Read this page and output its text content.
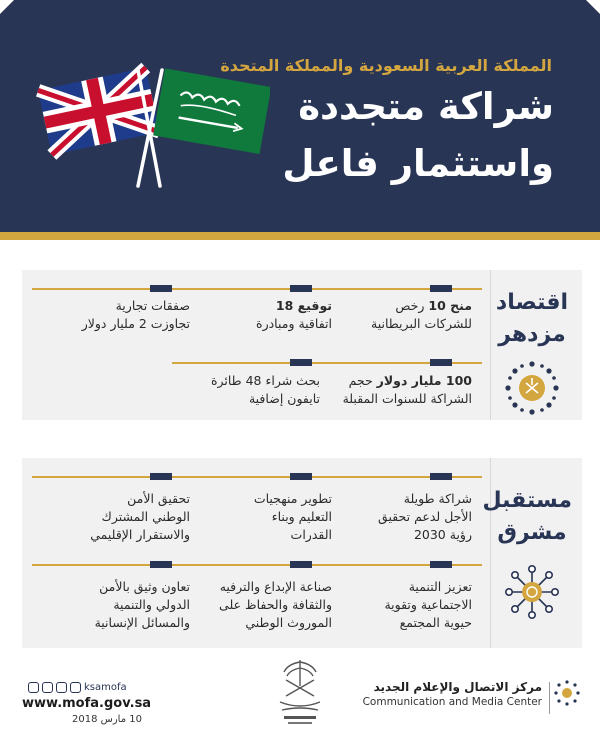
المملكة العربية السعودية والمملكة المتحدة
شراكة متجددة
واستثمار فاعل
اقتصاد
مزدهر
منح 10 رخص
للشركات البريطانية
توقيع 18
اتفاقية ومبادرة
صفقات تجارية
تجاوزت 2 مليار دولار
100 مليار دولار حجم
الشراكة للسنوات المقبلة
بحث شراء 48 طائرة
تايفون إضافية
مستقبل
مشرق
شراكة طويلة
الأجل لدعم تحقيق
رؤية 2030
تطوير منهجيات
التعليم وبناء
القدرات
تحقيق الأمن
الوطني المشترك
والاستقرار الإقليمي
تعزيز التنمية
الاجتماعية وتقوية
حيوية المجتمع
صناعة الإبداع والترفيه
والثقافة والحفاظ على
الموروث الوطني
تعاون وثيق بالأمن
الدولي والتنمية
والمسائل الإنسانية
ksamofa
www.mofa.gov.sa
10 مارس 2018
مركز الاتصال والإعلام الجديد
Communication and Media Center
